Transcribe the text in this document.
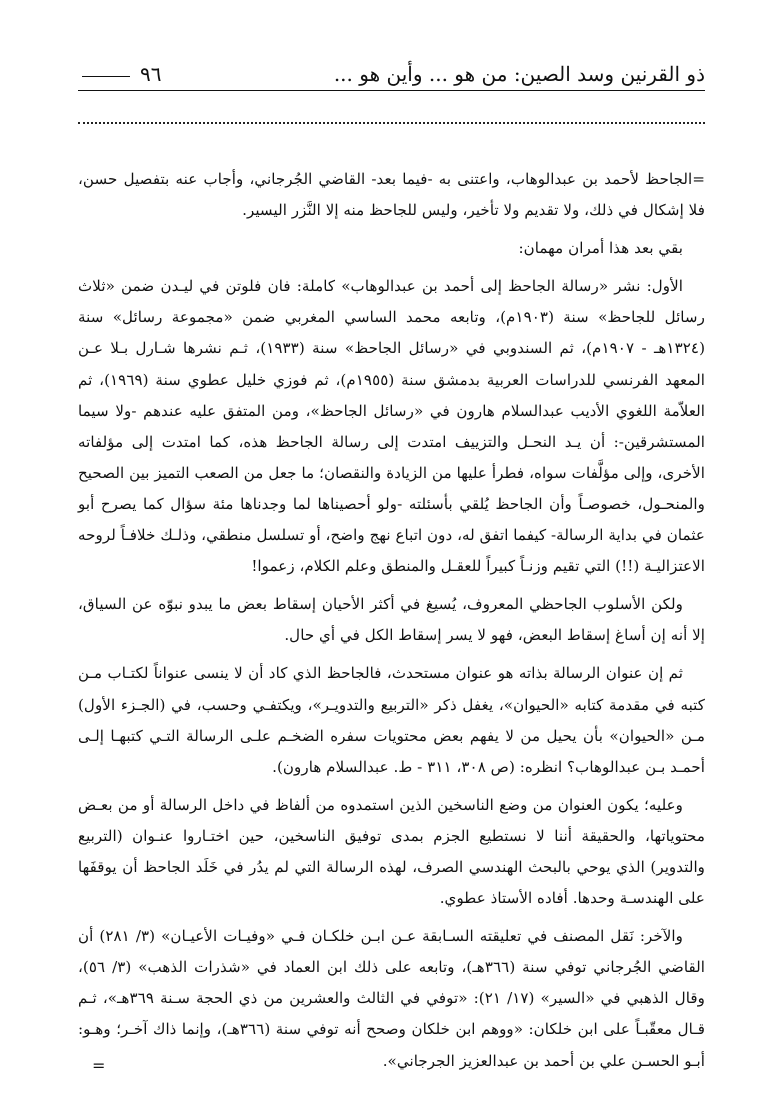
ذو القرنين وسد الصين: من هو ... وأين هو ...
٩٦

=الجاحظ لأحمد بن عبدالوهاب، واعتنى به -فيما بعد- القاضي الجُرجاني، وأجاب عنه بتفصيل حسن، فلا إشكال في ذلك، ولا تقديم ولا تأخير، وليس للجاحظ منه إلا النَّزر اليسير.

بقي بعد هذا أمران مهمان:

الأول: نشر «رسالة الجاحظ إلى أحمد بن عبدالوهاب» كاملة: فان فلوتن في ليـدن ضمن «ثلاث رسائل للجاحظ» سنة (١٩٠٣م)، وتابعه محمد الساسي المغربي ضمن «مجموعة رسائل» سنة (١٣٢٤هـ - ١٩٠٧م)، ثم السندوبي في «رسائل الجاحظ» سنة (١٩٣٣)، ثـم نشرها شـارل بـلا عـن المعهد الفرنسي للدراسات العربية بدمشق سنة (١٩٥٥م)، ثم فوزي خليل عطوي سنة (١٩٦٩)، ثم العلاّمة اللغوي الأديب عبدالسلام هارون في «رسائل الجاحظ»، ومن المتفق عليه عندهم -ولا سيما المستشرقين-: أن يـد النحـل والتزييف امتدت إلى رسالة الجاحظ هذه، كما امتدت إلى مؤلفاته الأخرى، وإلى مؤلَّفات سواه، فطرأ عليها من الزيادة والنقصان؛ ما جعل من الصعب التميز بين الصحيح والمنحـول، خصوصـاً وأن الجاحظ يُلقي بأسئلته -ولو أحصيناها لما وجدناها مئة سؤال كما يصرح أبو عثمان في بداية الرسالة- كيفما اتفق له، دون اتباع نهج واضح، أو تسلسل منطقي، وذلـك خلافـاً لروحه الاعتزاليـة (!!) التي تقيم وزنـاً كبيراً للعقـل والمنطق وعلم الكلام، زعموا!

ولكن الأسلوب الجاحظي المعروف، يُسيغ في أكثر الأحيان إسقاط بعض ما يبدو نبوّه عن السياق، إلا أنه إن أساغ إسقاط البعض، فهو لا يسر إسقاط الكل في أي حال.

ثم إن عنوان الرسالة بذاته هو عنوان مستحدث، فالجاحظ الذي كاد أن لا ينسى عنواناً لكتـاب مـن كتبه في مقدمة كتابه «الحيوان»، يغفل ذكر «التربيع والتدويـر»، ويكتفـي وحسب، في (الجـزء الأول) مـن «الحيوان» بأن يحيل من لا يفهم بعض محتويات سفره الضخـم علـى الرسالة التـي كتبهـا إلـى أحمـد بـن عبدالوهاب؟ انظره: (ص ٣٠٨، ٣١١ - ط. عبدالسلام هارون).

وعليه؛ يكون العنوان من وضع الناسخين الذين استمدوه من ألفاظ في داخل الرسالة أو من بعـض محتوياتها، والحقيقة أننا لا نستطيع الجزم بمدى توفيق الناسخين، حين اختـاروا عنـوان (التربيع والتدوير) الذي يوحي بالبحث الهندسي الصرف، لهذه الرسالة التي لم يدُر في خَلَد الجاحظ أن يوقفَها على الهندسـة وحدها. أفاده الأستاذ عطوي.

والآخر: نَقل المصنف في تعليقته السـابقة عـن ابـن خلكـان فـي «وفيـات الأعيـان» (٣/ ٢٨١) أن القاضي الجُرجاني توفي سنة (٣٦٦هـ)، وتابعه على ذلك ابن العماد في «شذرات الذهب» (٣/ ٥٦)، وقال الذهبي في «السير» (١٧/ ٢١): «توفي في الثالث والعشرين من ذي الحجة سـنة ٣٦٩هـ»، ثـم قـال معقّبـاً على ابن خلكان: «ووهم ابن خلكان وصحح أنه توفي سنة (٣٦٦هـ)، وإنما ذاك آخـر؛ وهـو: أبـو الحسـن علي بن أحمد بن عبدالعزيز الجرجاني».

=
